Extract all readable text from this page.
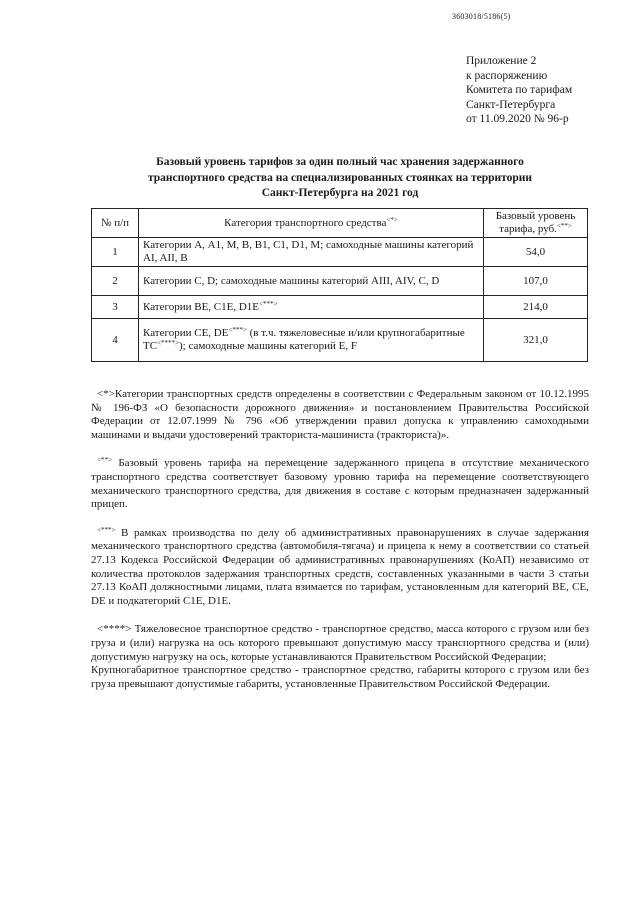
3603018/5186(5)
Приложение 2
к распоряжению
Комитета по тарифам
Санкт-Петербурга
от 11.09.2020 № 96-р
Базовый уровень тарифов за один полный час хранения задержанного
транспортного средства на специализированных стоянках на территории
Санкт-Петербурга на 2021 год
№ п/п	Категория транспортного средства<*>	Базовый уровень
тарифа, руб.<**>

1	Категории А, А1, М, В, В1, С1, D1, M; самоходные машины категорий AI, AII, В	54,0
2	Категории С, D; самоходные машины категорий AIII, AIV, С, D	107,0
3	Категории BE, C1E, D1E<***>	214,0
4	Категории CE, DE<***> (в т.ч. тяжеловесные и/или крупногабаритные ТС<****>); самоходные машины категорий Е, F	321,0

<*>Категории транспортных средств определены в соответствии с Федеральным законом от 10.12.1995 № 196-ФЗ «О безопасности дорожного движения» и постановлением Правительства Российской Федерации от 12.07.1999 № 796 «Об утверждении правил допуска к управлению самоходными машинами и выдачи удостоверений тракториста-машиниста (тракториста)».

<**> Базовый уровень тарифа на перемещение задержанного прицепа в отсутствие механического транспортного средства соответствует базовому уровню тарифа на перемещение соответствующего механического транспортного средства, для движения в составе с которым предназначен задержанный прицеп.

<***> В рамках производства по делу об административных правонарушениях в случае задержания механического транспортного средства (автомобиля-тягача) и прицепа к нему в соответствии со статьей 27.13 Кодекса Российской Федерации об административных правонарушениях (КоАП) независимо от количества протоколов задержания транспортных средств, составленных указанными в части 3 статьи 27.13 КоАП должностными лицами, плата взимается по тарифам, установленным для категорий BE, CE, DE и подкатегорий C1E, D1E.

<****> Тяжеловесное транспортное средство - транспортное средство, масса которого с грузом или без груза и (или) нагрузка на ось которого превышают допустимую массу транспортного средства и (или) допустимую нагрузку на ось, которые устанавливаются Правительством Российской Федерации;

Крупногабаритное транспортное средство - транспортное средство, габариты которого с грузом или без груза превышают допустимые габариты, установленные Правительством Российской Федерации.
